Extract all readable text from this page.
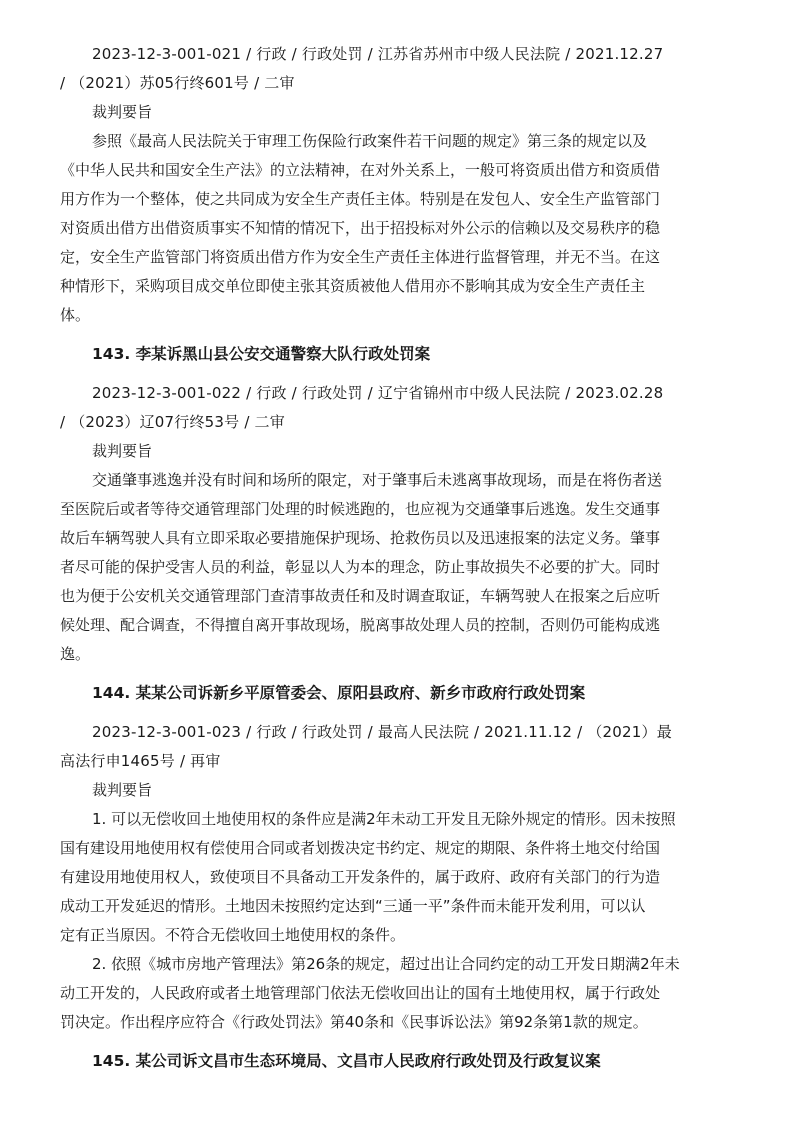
2023-12-3-001-021 / 行政 / 行政处罚 / 江苏省苏州市中级人民法院 / 2021.12.27
/ （2021）苏05行终601号 / 二审
裁判要旨
参照《最高人民法院关于审理工伤保险行政案件若干问题的规定》第三条的规定以及
《中华人民共和国安全生产法》的立法精神，在对外关系上，一般可将资质出借方和资质借
用方作为一个整体，使之共同成为安全生产责任主体。特别是在发包人、安全生产监管部门
对资质出借方出借资质事实不知情的情况下，出于招投标对外公示的信赖以及交易秩序的稳
定，安全生产监管部门将资质出借方作为安全生产责任主体进行监督管理，并无不当。在这
种情形下，采购项目成交单位即使主张其资质被他人借用亦不影响其成为安全生产责任主
体。
143. 李某诉黑山县公安交通警察大队行政处罚案
2023-12-3-001-022 / 行政 / 行政处罚 / 辽宁省锦州市中级人民法院 / 2023.02.28
/ （2023）辽07行终53号 / 二审
裁判要旨
交通肇事逃逸并没有时间和场所的限定，对于肇事后未逃离事故现场，而是在将伤者送
至医院后或者等待交通管理部门处理的时候逃跑的，也应视为交通肇事后逃逸。发生交通事
故后车辆驾驶人具有立即采取必要措施保护现场、抢救伤员以及迅速报案的法定义务。肇事
者尽可能的保护受害人员的利益，彰显以人为本的理念，防止事故损失不必要的扩大。同时
也为便于公安机关交通管理部门查清事故责任和及时调查取证，车辆驾驶人在报案之后应听
候处理、配合调查，不得擅自离开事故现场，脱离事故处理人员的控制，否则仍可能构成逃
逸。
144. 某某公司诉新乡平原管委会、原阳县政府、新乡市政府行政处罚案
2023-12-3-001-023 / 行政 / 行政处罚 / 最高人民法院 / 2021.11.12 / （2021）最
高法行申1465号 / 再审
裁判要旨
1. 可以无偿收回土地使用权的条件应是满2年未动工开发且无除外规定的情形。因未按照
国有建设用地使用权有偿使用合同或者划拨决定书约定、规定的期限、条件将土地交付给国
有建设用地使用权人，致使项目不具备动工开发条件的，属于政府、政府有关部门的行为造
成动工开发延迟的情形。土地因未按照约定达到“三通一平”条件而未能开发利用，可以认
定有正当原因。不符合无偿收回土地使用权的条件。
2. 依照《城市房地产管理法》第26条的规定，超过出让合同约定的动工开发日期满2年未
动工开发的，人民政府或者土地管理部门依法无偿收回出让的国有土地使用权，属于行政处
罚决定。作出程序应符合《行政处罚法》第40条和《民事诉讼法》第92条第1款的规定。
145. 某公司诉文昌市生态环境局、文昌市人民政府行政处罚及行政复议案
